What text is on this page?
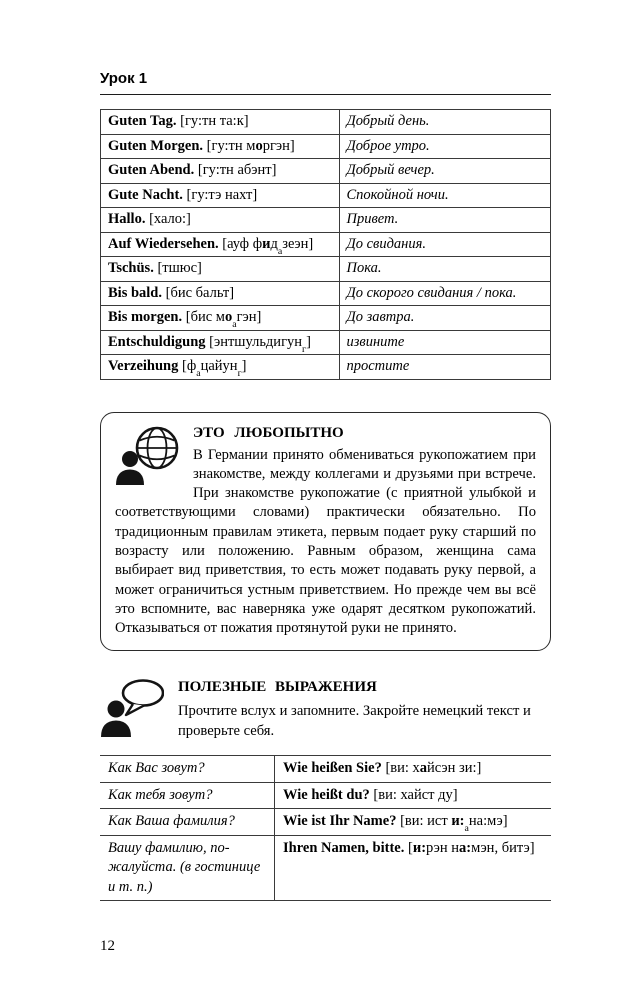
Урок 1
Guten Tag. [гу:тн та:к]	Добрый день.
Guten Morgen. [гу:тн моргэн]	Доброе утро.
Guten Abend. [гу:тн абэнт]	Добрый вечер.
Gute Nacht. [гу:тэ нахт]	Спокойной ночи.
Hallo. [хало:]	Привет.
Auf Wiedersehen. [ауф фид$_а$зеэн]	До свидания.
Tschüs. [тшюс]	Пока.
Bis bald. [бис бальт]	До скорого свидания / пока.
Bis morgen. [бис $мо_агэн$]	До завтра.
Entschuldigung [энтшульдигун$_г$]	извините
Verzeihung $[ф_ацайун_г]$	простите

ЭТО ЛЮБОПЫТНО

В Германии принято обмениваться рукопожатием при знакомстве, между коллегами и друзьями при встрече. При знакомстве рукопожатие (с приятной улыбкой и соответствующими словами) практически обязательно. По традиционным правилам этикета, первым подает руку старший по возрасту или положению. Равным образом, женщина сама выбирает вид приветствия, то есть может подавать руку первой, а может ограничиться устным приветствием. Но прежде чем вы всё это вспомните, вас наверняка уже одарят десятком рукопожатий. Отказываться от пожатия протянутой руки не принято.

ПОЛЕЗНЫЕ ВЫРАЖЕНИЯ

Прочтите вслух и запомните. Закройте немецкий текст и проверьте себя.

Как Вас зовут?	Wie heißen Sie? [ви: хайсэн зи:]
Как тебя зовут?	Wie heißt du? [ви: хайст ду]
Как Ваша фамилия?	Wie ist Ihr Name? [ви: ист $и:_ана:мэ$]
Вашу фамилию, пожалуйста. (в гостинице и т. п.)	Ihren Namen, bitte. [и:рэн на:мэн, битэ]
12
